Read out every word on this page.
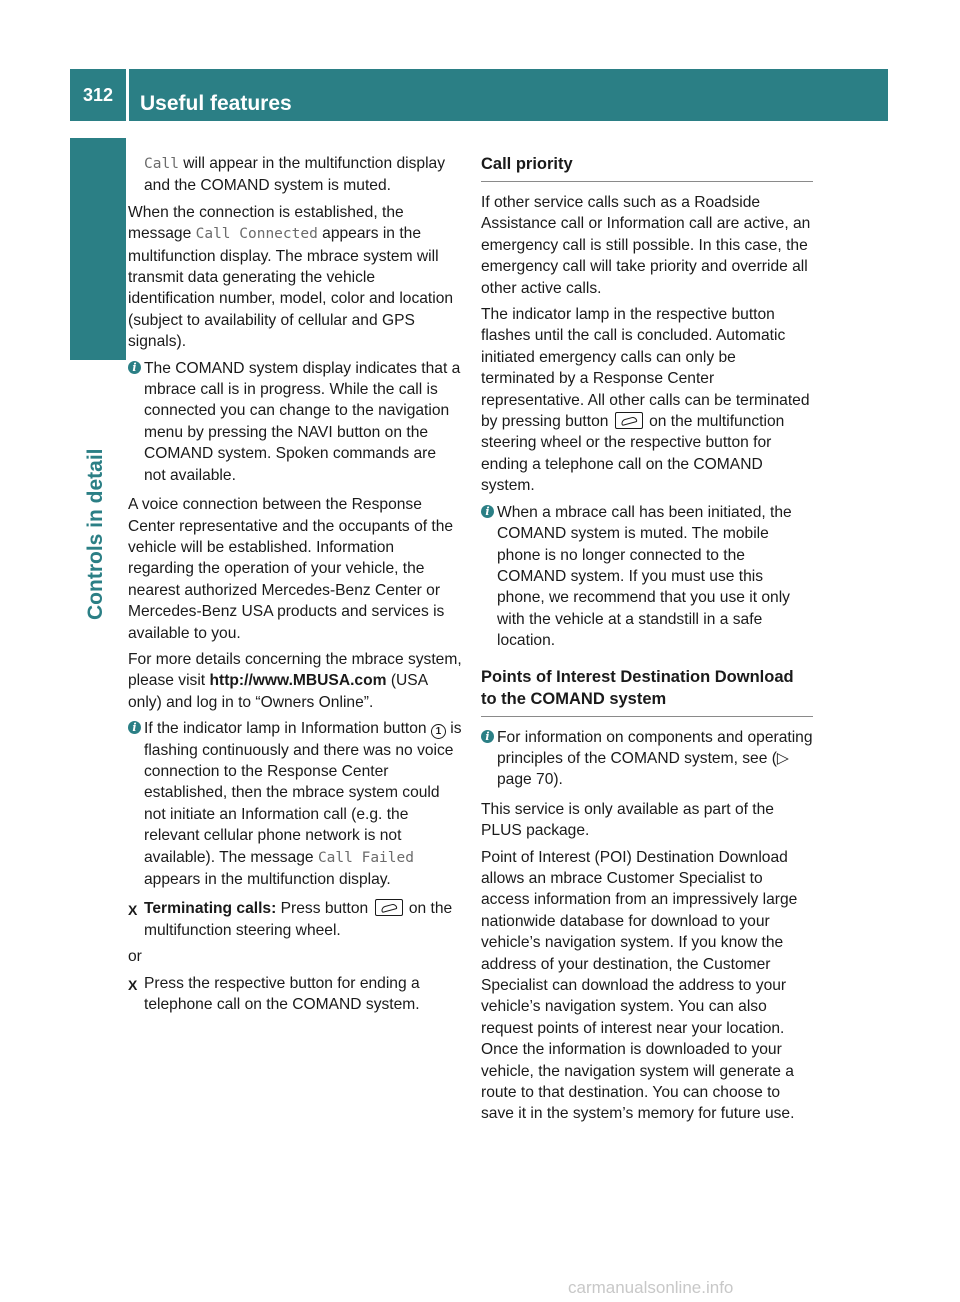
312	Useful features
Controls in detail

Call will appear in the multifunction display and the COMAND system is muted.

When the connection is established, the message Call Connected appears in the multifunction display. The mbrace system will transmit data generating the vehicle identification number, model, color and location (subject to availability of cellular and GPS signals).

i The COMAND system display indicates that a mbrace call is in progress. While the call is connected you can change to the navigation menu by pressing the NAVI button on the COMAND system. Spoken commands are not available.

A voice connection between the Response Center representative and the occupants of the vehicle will be established. Information regarding the operation of your vehicle, the nearest authorized Mercedes-Benz Center or Mercedes-Benz USA products and services is available to you.

For more details concerning the mbrace system, please visit http://www.MBUSA.com (USA only) and log in to “Owners Online”.

i If the indicator lamp in Information button 1 is flashing continuously and there was no voice connection to the Response Center established, then the mbrace system could not initiate an Information call (e.g. the relevant cellular phone network is not available). The message Call Failed appears in the multifunction display.
X Terminating calls: Press button  on the multifunction steering wheel.

or

X Press the respective button for ending a telephone call on the COMAND system.
Call priority

If other service calls such as a Roadside Assistance call or Information call are active, an emergency call is still possible. In this case, the emergency call will take priority and override all other active calls.

The indicator lamp in the respective button flashes until the call is concluded. Automatic initiated emergency calls can only be terminated by a Response Center representative. All other calls can be terminated by pressing button  on the multifunction steering wheel or the respective button for ending a telephone call on the COMAND system.

i When a mbrace call has been initiated, the COMAND system is muted. The mobile phone is no longer connected to the COMAND system. If you must use this phone, we recommend that you use it only with the vehicle at a standstill in a safe location.
Points of Interest Destination Download to the COMAND system
i For information on components and operating principles of the COMAND system, see (▷ page 70).

This service is only available as part of the PLUS package.

Point of Interest (POI) Destination Download allows an mbrace Customer Specialist to access information from an impressively large nationwide database for download to your vehicle’s navigation system. If you know the address of your destination, the Customer Specialist can download the address to your vehicle’s navigation system. You can also request points of interest near your location. Once the information is downloaded to your vehicle, the navigation system will generate a route to that destination. You can choose to save it in the system’s memory for future use.

carmanualsonline.info
